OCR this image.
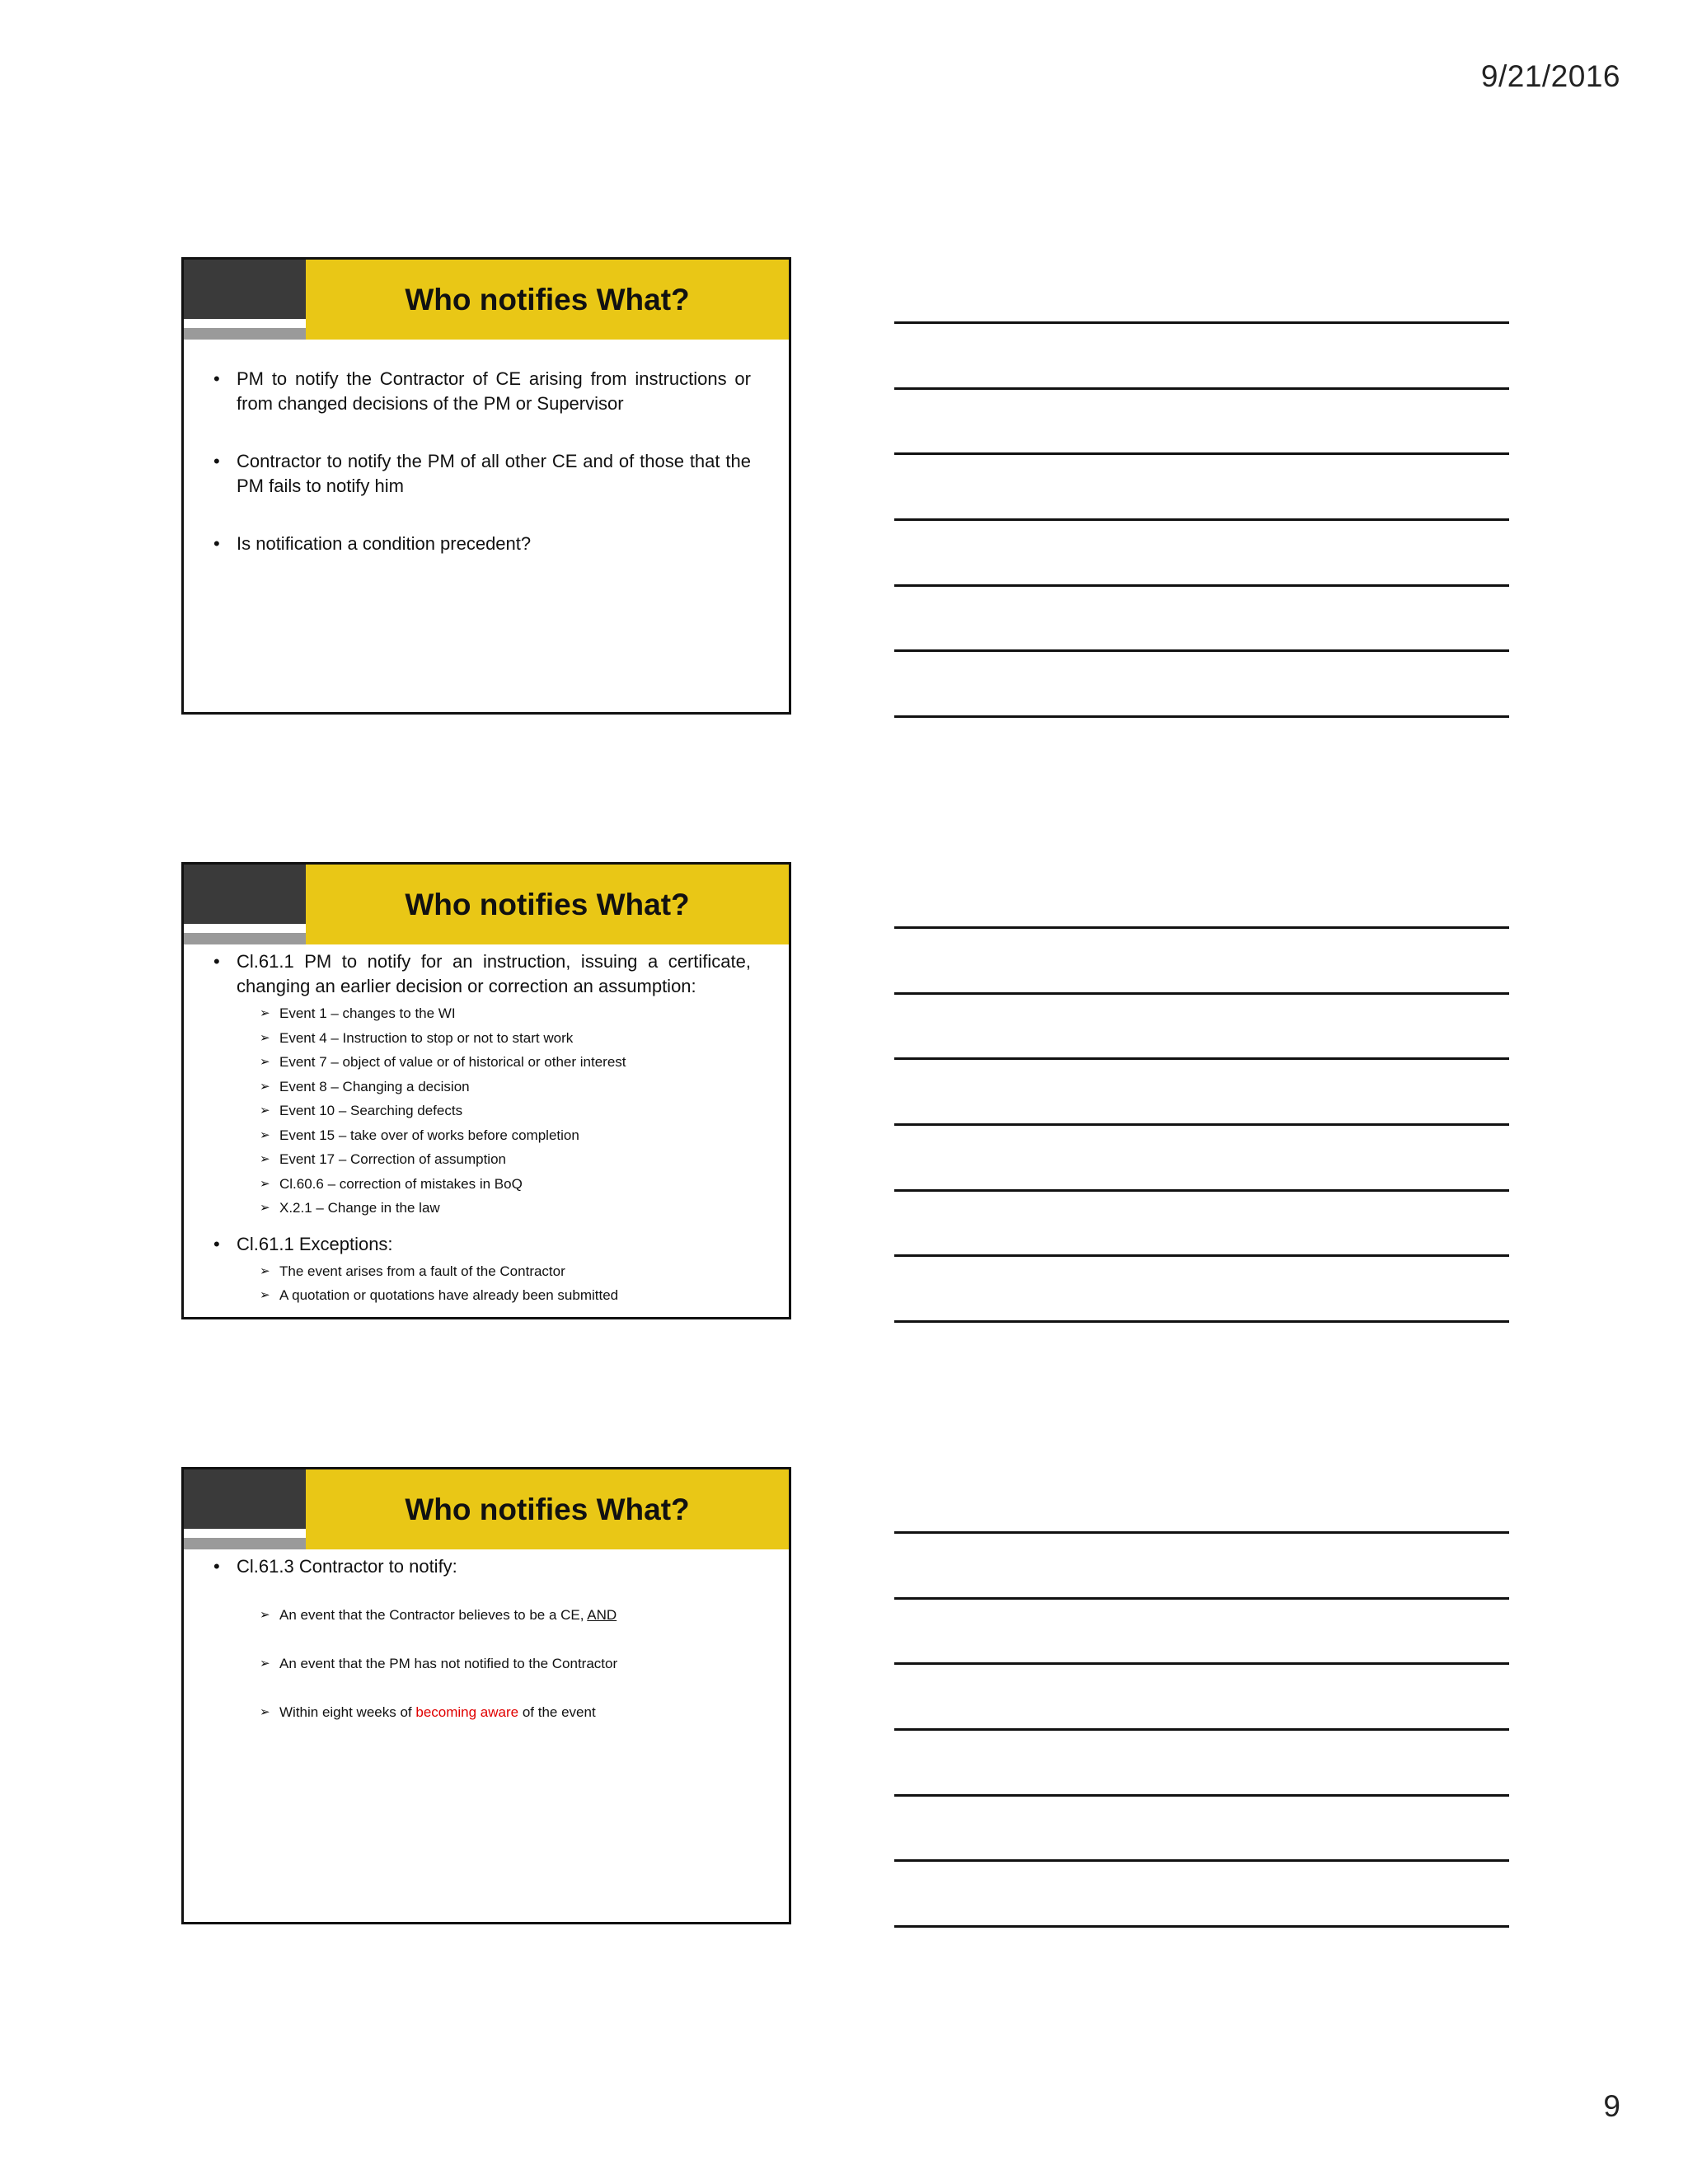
9/21/2016
Who notifies What?
• PM to notify the Contractor of CE arising from instructions or from changed decisions of the PM or Supervisor
• Contractor to notify the PM of all other CE and of those that the PM fails to notify him
• Is notification a condition precedent?
Who notifies What?
• Cl.61.1 PM to notify for an instruction, issuing a certificate, changing an earlier decision or correction an assumption:
➢ Event 1 – changes to the WI
➢ Event 4 – Instruction to stop or not to start work
➢ Event 7 – object of value or of historical or other interest
➢ Event 8 – Changing a decision
➢ Event 10 – Searching defects
➢ Event 15 – take over of works before completion
➢ Event 17 – Correction of assumption
➢ Cl.60.6 – correction of mistakes in BoQ
➢ X.2.1 – Change in the law
• Cl.61.1 Exceptions:
➢ The event arises from a fault of the Contractor
➢ A quotation or quotations have already been submitted
Who notifies What?
• Cl.61.3 Contractor to notify:
➢ An event that the Contractor believes to be a CE, AND
➢ An event that the PM has not notified to the Contractor
➢ Within eight weeks of becoming aware of the event
9
